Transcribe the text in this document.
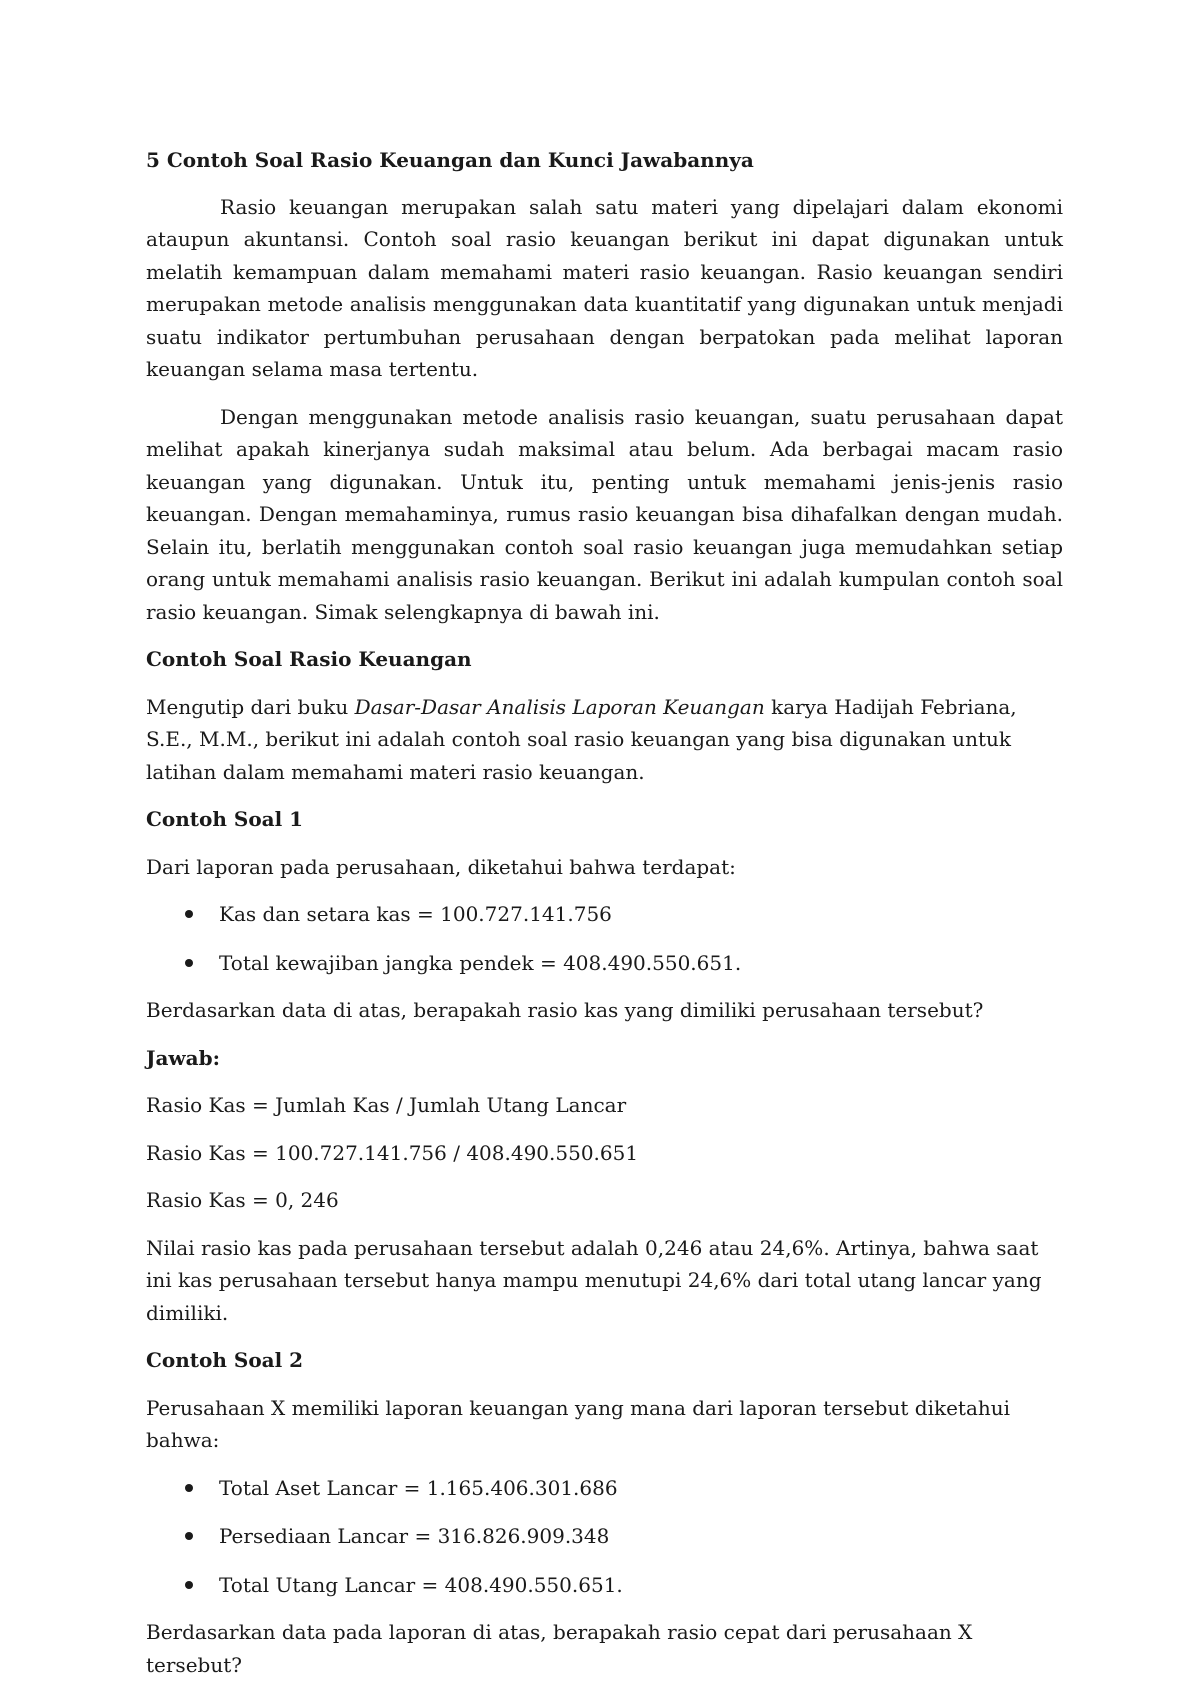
5 Contoh Soal Rasio Keuangan dan Kunci Jawabannya

Rasio keuangan merupakan salah satu materi yang dipelajari dalam ekonomi ataupun akuntansi. Contoh soal rasio keuangan berikut ini dapat digunakan untuk melatih kemampuan dalam memahami materi rasio keuangan. Rasio keuangan sendiri merupakan metode analisis menggunakan data kuantitatif yang digunakan untuk menjadi suatu indikator pertumbuhan perusahaan dengan berpatokan pada melihat laporan keuangan selama masa tertentu.

Dengan menggunakan metode analisis rasio keuangan, suatu perusahaan dapat melihat apakah kinerjanya sudah maksimal atau belum. Ada berbagai macam rasio keuangan yang digunakan. Untuk itu, penting untuk memahami jenis-jenis rasio keuangan. Dengan memahaminya, rumus rasio keuangan bisa dihafalkan dengan mudah. Selain itu, berlatih menggunakan contoh soal rasio keuangan juga memudahkan setiap orang untuk memahami analisis rasio keuangan. Berikut ini adalah kumpulan contoh soal rasio keuangan. Simak selengkapnya di bawah ini.

Contoh Soal Rasio Keuangan

Mengutip dari buku Dasar-Dasar Analisis Laporan Keuangan karya Hadijah Febriana, S.E., M.M., berikut ini adalah contoh soal rasio keuangan yang bisa digunakan untuk latihan dalam memahami materi rasio keuangan.

Contoh Soal 1

Dari laporan pada perusahaan, diketahui bahwa terdapat:

Kas dan setara kas = 100.727.141.756
Total kewajiban jangka pendek = 408.490.550.651.

Berdasarkan data di atas, berapakah rasio kas yang dimiliki perusahaan tersebut?

Jawab:

Rasio Kas = Jumlah Kas / Jumlah Utang Lancar

Rasio Kas = 100.727.141.756 / 408.490.550.651

Rasio Kas = 0, 246

Nilai rasio kas pada perusahaan tersebut adalah 0,246 atau 24,6%. Artinya, bahwa saat ini kas perusahaan tersebut hanya mampu menutupi 24,6% dari total utang lancar yang dimiliki.

Contoh Soal 2

Perusahaan X memiliki laporan keuangan yang mana dari laporan tersebut diketahui bahwa:

Total Aset Lancar = 1.165.406.301.686
Persediaan Lancar = 316.826.909.348
Total Utang Lancar = 408.490.550.651.

Berdasarkan data pada laporan di atas, berapakah rasio cepat dari perusahaan X tersebut?
